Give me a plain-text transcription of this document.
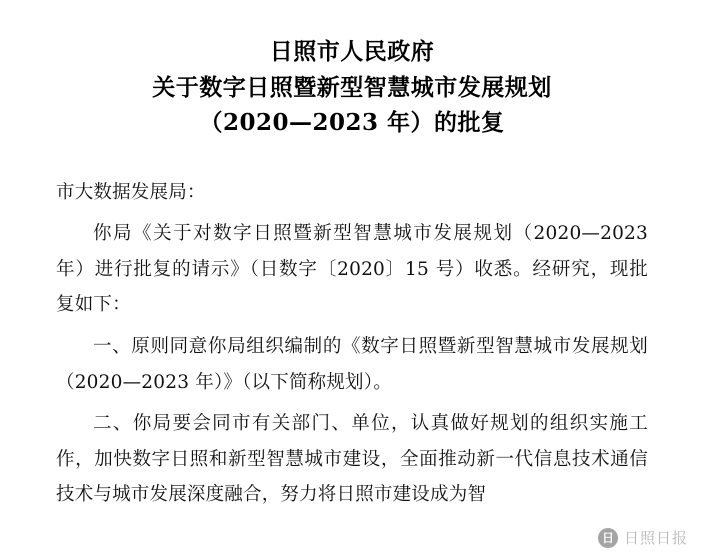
日照市人民政府
关于数字日照暨新型智慧城市发展规划
（2020—2023 年）的批复

市大数据发展局：

你局《关于对数字日照暨新型智慧城市发展规划（2020—2023 年）进行批复的请示》（日数字〔2020〕15 号）收悉。经研究，现批复如下：

一、原则同意你局组织编制的《数字日照暨新型智慧城市发展规划（2020—2023 年）》（以下简称规划）。

二、你局要会同市有关部门、单位，认真做好规划的组织实施工作，加快数字日照和新型智慧城市建设，全面推动新一代信息技术通信技术与城市发展深度融合，努力将日照市建设成为智

日 日照日报
